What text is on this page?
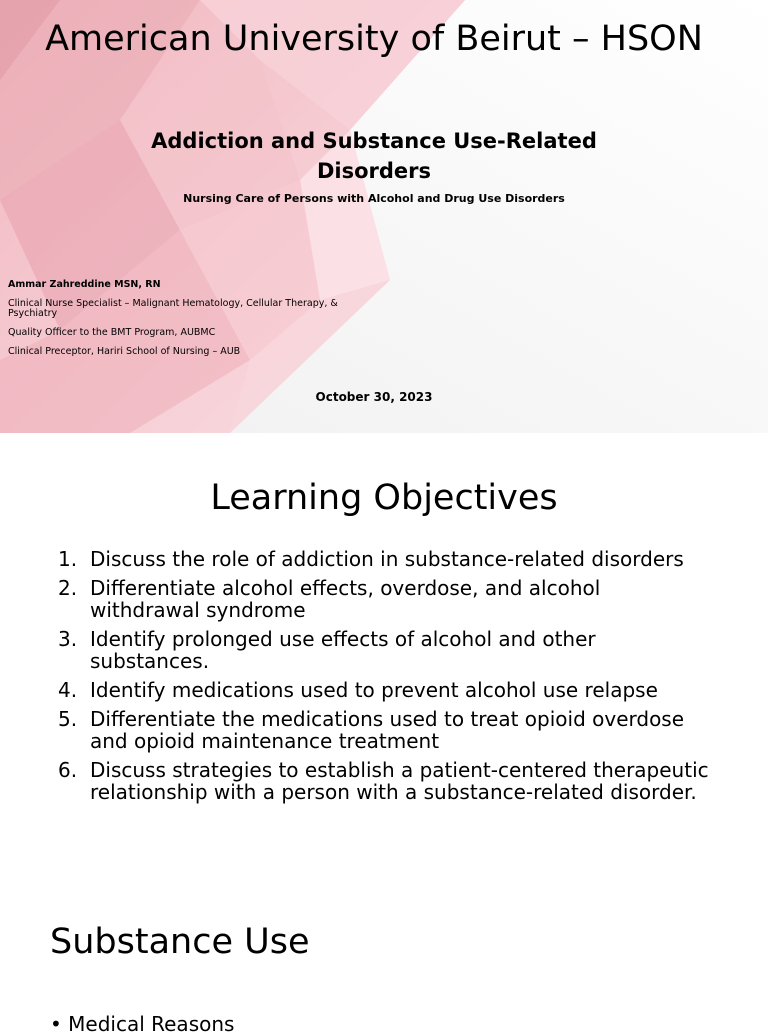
American University of Beirut – HSON
Addiction and Substance Use-Related Disorders
Nursing Care of Persons with Alcohol and Drug Use Disorders
Ammar Zahreddine MSN, RN
Clinical Nurse Specialist – Malignant Hematology, Cellular Therapy, & Psychiatry
Quality Officer to the BMT Program, AUBMC
Clinical Preceptor, Hariri School of Nursing – AUB
October 30, 2023
Learning Objectives
1. Discuss the role of addiction in substance-related disorders
2. Differentiate alcohol effects, overdose, and alcohol withdrawal syndrome
3. Identify prolonged use effects of alcohol and other substances.
4. Identify medications used to prevent alcohol use relapse
5. Differentiate the medications used to treat opioid overdose and opioid maintenance treatment
6. Discuss strategies to establish a patient-centered therapeutic relationship with a person with a substance-related disorder.
Substance Use
• Medical Reasons
